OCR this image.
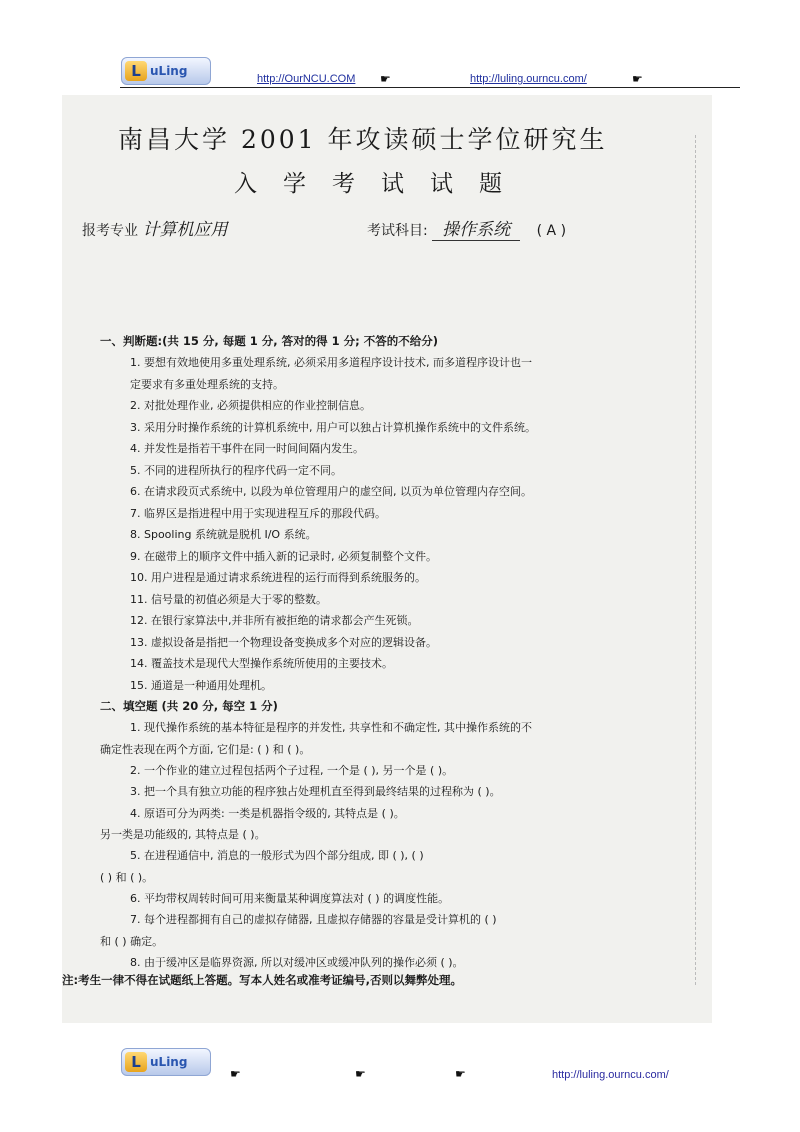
L uLing
http://OurNCU.COM ☛	http://luling.ourncu.com/	☛
南昌大学 2001 年攻读硕士学位研究生
入学考试试题
报考专业 计算机应用	考试科目: 操作系统 ( A )
一、判断题:(共 15 分, 每题 1 分, 答对的得 1 分; 不答的不给分)
1. 要想有效地使用多重处理系统, 必须采用多道程序设计技术, 而多道程序设计也一
定要求有多重处理系统的支持。
2. 对批处理作业, 必须提供相应的作业控制信息。
3. 采用分时操作系统的计算机系统中, 用户可以独占计算机操作系统中的文件系统。
4. 并发性是指若干事件在同一时间间隔内发生。
5. 不同的进程所执行的程序代码一定不同。
6. 在请求段页式系统中, 以段为单位管理用户的虚空间, 以页为单位管理内存空间。
7. 临界区是指进程中用于实现进程互斥的那段代码。
8. Spooling 系统就是脱机 I/O 系统。
9. 在磁带上的顺序文件中插入新的记录时, 必须复制整个文件。
10. 用户进程是通过请求系统进程的运行而得到系统服务的。
11. 信号量的初值必须是大于零的整数。
12. 在银行家算法中,并非所有被拒绝的请求都会产生死锁。
13. 虚拟设备是指把一个物理设备变换成多个对应的逻辑设备。
14. 覆盖技术是现代大型操作系统所使用的主要技术。
15. 通道是一种通用处理机。
二、填空题 (共 20 分, 每空 1 分)
1. 现代操作系统的基本特征是程序的并发性, 共享性和不确定性, 其中操作系统的不
确定性表现在两个方面, 它们是: ( ) 和 ( )。
2. 一个作业的建立过程包括两个子过程, 一个是 ( ), 另一个是 ( )。
3. 把一个具有独立功能的程序独占处理机直至得到最终结果的过程称为 ( )。
4. 原语可分为两类: 一类是机器指令级的, 其特点是 ( )。
另一类是功能级的, 其特点是 ( )。
5. 在进程通信中, 消息的一般形式为四个部分组成, 即 ( ), ( )
( ) 和 ( )。
6. 平均带权周转时间可用来衡量某种调度算法对 ( ) 的调度性能。
7. 每个进程都拥有自己的虚拟存储器, 且虚拟存储器的容量是受计算机的 ( )
和 ( ) 确定。
8. 由于缓冲区是临界资源, 所以对缓冲区或缓冲队列的操作必须 ( )。
注:考生一律不得在试题纸上答题。写本人姓名或准考证编号,否则以舞弊处理。
L uLing
☛	☛	☛	http://luling.ourncu.com/
